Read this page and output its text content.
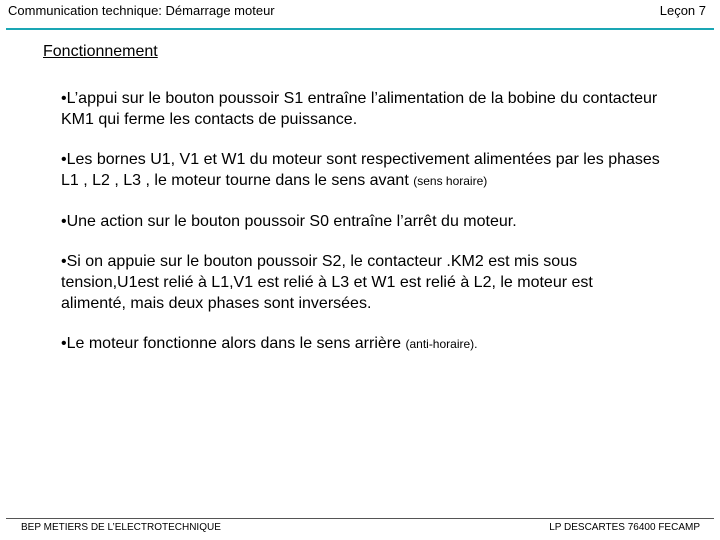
Communication technique: Démarrage moteur	Leçon 7
Fonctionnement

•L’appui sur le bouton poussoir S1 entraîne l’alimentation de la bobine du contacteur KM1 qui ferme les contacts de puissance.

•Les bornes U1, V1 et W1 du moteur sont respectivement alimentées par les phases L1 , L2 , L3 , le moteur tourne dans le sens avant (sens horaire)

•Une action sur le bouton poussoir S0 entraîne l’arrêt du moteur.

•Si on appuie sur le bouton poussoir S2, le contacteur .KM2 est mis sous tension,U1est relié à L1,V1 est relié à L3 et W1 est relié à L2, le moteur est alimenté, mais deux phases sont inversées.

•Le moteur fonctionne alors dans le sens arrière (anti-horaire).

BEP METIERS DE L’ELECTROTECHNIQUE	LP DESCARTES 76400 FECAMP
